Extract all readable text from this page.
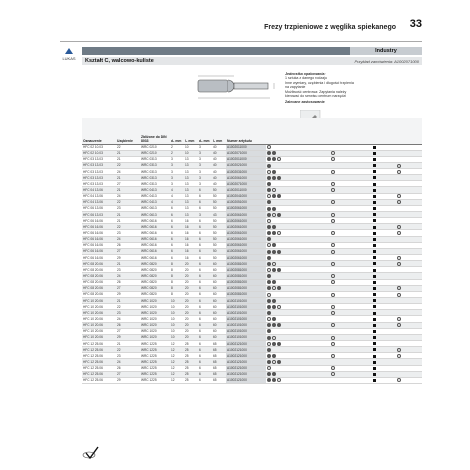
Frezy trzpieniowe z węglika spiekanego 33
LUKAS
Industry
Kształt C, walcowo-kuliste	Przykład zamówienia: A1002071000
Jednostka opakowania:
1 sztuka z danego rodzaju
Inne wymiary, uzębienia i długości trzpienia
na zapytanie
Możliwość centrowa: Zapytania należy
kierować do serwisu centrum narzędzi
Zalecane zastosowanie
Oznaczenie	Uzębienie	Zbliżone do DIN 8033	d₁ mm	l₂ mm	d₂ mm	l₁ mm	Numer artykułu							
HFC 02 10.03	22	WRC 0210	2	10	3	40	A1002011000							
HFC 02 10.03	21	WRC 0210	2	10	3	40	A1002071000							
HFC 03 13.03	21	WRC 0313	3	13	3	40	A1002011000							
HFC 03 13.03	22	WRC 0313	3	13	3	40	A1002021000							
HFC 03 13.03	24	WRC 0313	3	13	3	40	A1002031000							
HFC 03 13.03	21	WRC 0313	3	13	3	40	A1002061000							
HFC 03 13.03	27	WRC 0313	3	13	3	40	A1002071000							
HFC 04 13.06	21	WRC 0413	4	13	6	50	A1002011000							
HFC 04 13.06	24	WRC 0413	4	13	6	50	A1002041000							
HFC 04 13.06	22	WRC 0413	4	13	6	50	A1002051000							
HFC 06 13.06	23	WRC 0613	6	13	6	50	A1002061000							
HFC 06 13.03	21	WRC 0613	6	13	3	43	A1002061000							
HFC 06 16.06	21	WRC 0616	6	16	6	50	A1002061000							
HFC 06 16.06	22	WRC 0616	6	16	6	50	A1002061000							
HFC 06 16.06	23	WRC 0616	6	16	6	50	A1002061000							
HFC 06 16.06	24	WRC 0616	6	16	6	50	A1002061000							
HFC 06 16.06	26	WRC 0616	6	16	6	50	A1002061000							
HFC 06 16.06	27	WRC 0616	6	16	6	50	A1002061000							
HFC 06 16.06	29	WRC 0616	6	16	6	50	A1002061000							
HFC 08 20.06	21	WRC 0820	8	20	6	60	A1002081000							
HFC 08 20.06	23	WRC 0820	8	20	6	60	A1002081000							
HFC 08 20.06	24	WRC 0820	8	20	6	60	A1002081000							
HFC 08 20.06	26	WRC 0820	8	20	6	60	A1002081000							
HFC 08 20.06	27	WRC 0820	8	20	6	60	A1002081000							
HFC 08 20.06	29	WRC 0820	8	20	6	60	A1002081000							
HFC 10 20.06	21	WRC 1020	10	20	6	60	A1002101000							
HFC 10 20.06	22	WRC 1020	10	20	6	60	A1002101000							
HFC 10 20.06	23	WRC 1020	10	20	6	60	A1002101000							
HFC 10 20.06	24	WRC 1020	10	20	6	60	A1002101000							
HFC 10 20.06	26	WRC 1020	10	20	6	60	A1002101000							
HFC 10 20.06	27	WRC 1020	10	20	6	60	A1002101000							
HFC 10 20.06	29	WRC 1020	10	20	6	60	A1002101000							
HFC 12 25.06	21	WRC 1225	12	25	6	65	A1002121000							
HFC 12 25.06	22	WRC 1225	12	25	6	65	A1002121000							
HFC 12 25.06	23	WRC 1225	12	25	6	65	A1002121000							
HFC 12 25.06	24	WRC 1225	12	25	6	65	A1002121000							
HFC 12 25.06	26	WRC 1225	12	25	6	65	A1002121000							
HFC 12 25.06	27	WRC 1225	12	25	6	65	A1002121000							
HFC 12 25.06	29	WRC 1225	12	25	6	65	A1002121000							
